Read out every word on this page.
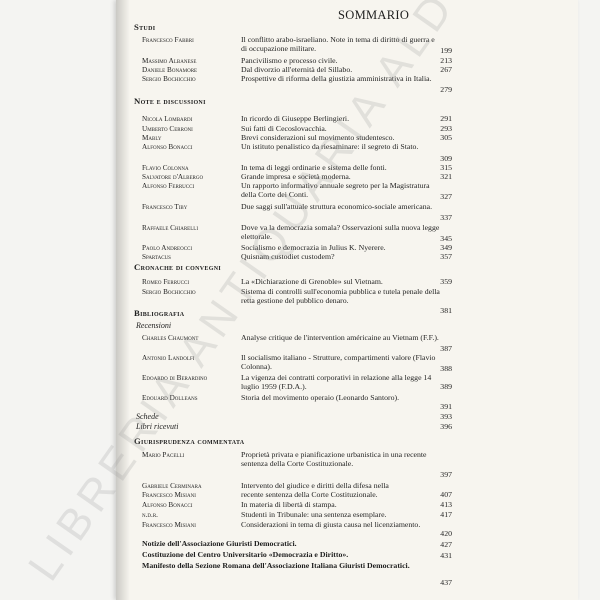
SOMMARIO
Studi
Francesco Fabbri	Il conflitto arabo-israeliano. Note in tema di diritto di guerra e di occupazione militare.	199
Massimo Albanese	Pancivilismo e processo civile.	213
Daniele Bonamore	Dal divorzio all'eternità del Sillabo.	267
Sergio Bochicchio	Prospettive di riforma della giustizia amministrativa in Italia.
279
Note e discussioni
Nicola Lombardi	In ricordo di Giuseppe Berlingieri.	291
Umberto Cerroni	Sui fatti di Cecoslovacchia.	293
Mably	Brevi considerazioni sul movimento studentesco.	305
Alfonso Bonacci	Un istituto penalistico da riesaminare: il segreto di Stato.
309
Flavio Colonna	In tema di leggi ordinarie e sistema delle fonti.	315
Salvatore d'Albergo	Grande impresa e società moderna.	321
Alfonso Ferrucci	Un rapporto informativo annuale segreto per la Magistratura della Corte dei Conti.	327
Francesco Tiby	Due saggi sull'attuale struttura economico-sociale americana.
337
Raffaele Chiarelli	Dove va la democrazia somala? Osservazioni sulla nuova legge elettorale.	345
Paolo Andreocci	Socialismo e democrazia in Julius K. Nyerere.	349
Spartacus	Quisnam custodiet custodem?	357
Cronache di convegni
Romeo Ferrucci	La «Dichiarazione di Grenoble» sul Vietnam.	359
Sergio Bochicchio	Sistema di controlli sull'economia pubblica e tutela penale della retta gestione del pubblico denaro.
381
Bibliografia
Recensioni
Charles Chaumont	Analyse critique de l'intervention américaine au Vietnam (F.F.).
387
Antonio Landolfi	Il socialismo italiano - Strutture, compartimenti valore (Flavio Colonna).	388
Edoardo di Berardino	La vigenza dei contratti corporativi in relazione alla legge 14 luglio 1959 (F.D.A.).	389
Edouard Dolleans	Storia del movimento operaio (Leonardo Santoro).
391
Schede	393
Libri ricevuti	396
Giurisprudenza commentata
Mario Pacelli	Proprietà privata e pianificazione urbanistica in una recente sentenza della Corte Costituzionale.
397
Gabriele Cerminara	Intervento del giudice e diritti della difesa nella
Francesco Misiani	recente sentenza della Corte Costituzionale.	407
Alfonso Bonacci	In materia di libertà di stampa.	413
n.d.r.	Studenti in Tribunale: una sentenza esemplare.	417
Francesco Misiani	Considerazioni in tema di giusta causa nel licenziamento.
420
Notizie dell'Associazione Giuristi Democratici.	427
Costituzione del Centro Universitario «Democrazia e Diritto».	431
Manifesto della Sezione Romana dell'Associazione Italiana Giuristi Democratici.
437
LIBRERIA ANTIQUARIA ALDO
